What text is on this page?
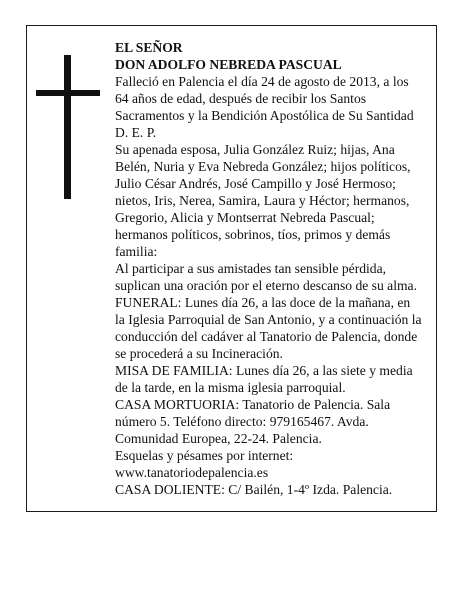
EL SEÑOR
DON ADOLFO NEBREDA PASCUAL

Falleció en Palencia el día 24 de agosto de 2013, a los 64 años de edad, después de recibir los Santos Sacramentos y la Bendición Apostólica de Su Santidad D. E. P.

Su apenada esposa, Julia González Ruiz; hijas, Ana Belén, Nuria y Eva Nebreda González; hijos políticos, Julio César Andrés, José Campillo y José Hermoso; nietos, Iris, Nerea, Samira, Laura y Héctor; hermanos, Gregorio, Alicia y Montserrat Nebreda Pascual; hermanos políticos, sobrinos, tíos, primos y demás familia:

Al participar a sus amistades tan sensible pérdida, suplican una oración por el eterno descanso de su alma.

FUNERAL: Lunes día 26, a las doce de la mañana, en la Iglesia Parroquial de San Antonio, y a continuación la conducción del cadáver al Tanatorio de Palencia, donde se procederá a su Incineración.

MISA DE FAMILIA: Lunes día 26, a las siete y media de la tarde, en la misma iglesia parroquial.

CASA MORTUORIA: Tanatorio de Palencia. Sala número 5. Teléfono directo: 979165467. Avda. Comunidad Europea, 22-24. Palencia.

Esquelas y pésames por internet: www.tanatoriodepalencia.es

CASA DOLIENTE: C/ Bailén, 1-4º Izda. Palencia.
